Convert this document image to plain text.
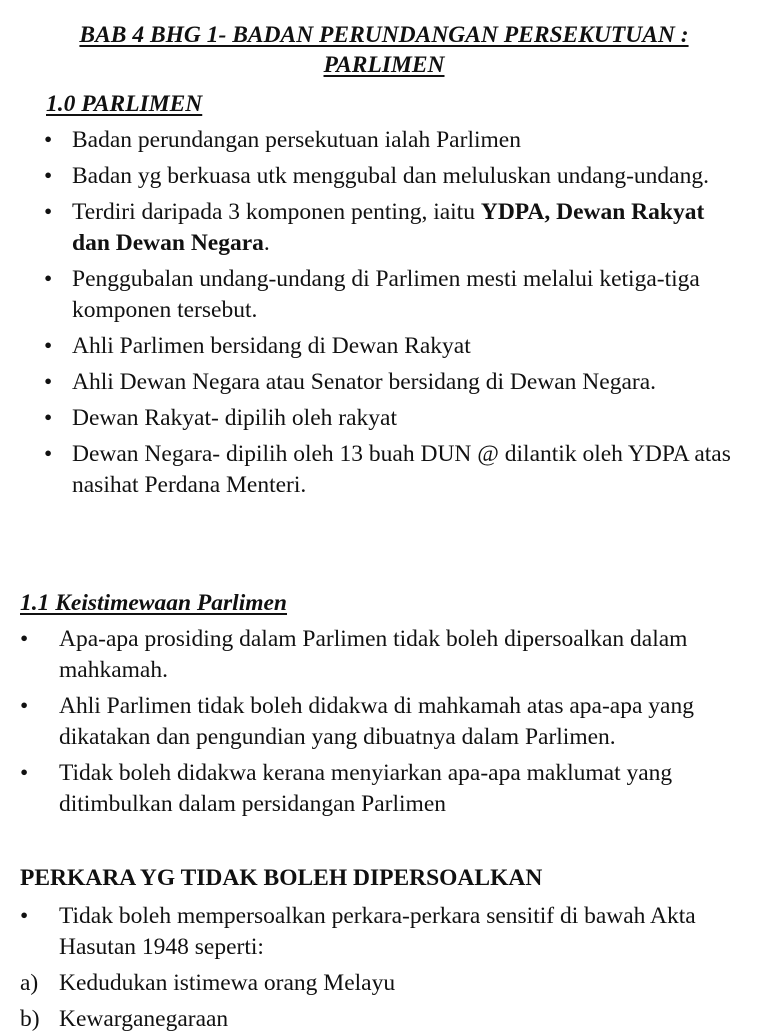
BAB 4 BHG 1- BADAN PERUNDANGAN PERSEKUTUAN : PARLIMEN
1.0 PARLIMEN
• Badan perundangan persekutuan ialah Parlimen
• Badan yg berkuasa utk menggubal dan meluluskan undang-undang.
• Terdiri daripada 3 komponen penting, iaitu YDPA, Dewan Rakyat dan Dewan Negara.
• Penggubalan undang-undang di Parlimen mesti melalui ketiga-tiga komponen tersebut.
• Ahli Parlimen bersidang di Dewan Rakyat
• Ahli Dewan Negara atau Senator bersidang di Dewan Negara.
• Dewan Rakyat- dipilih oleh rakyat
• Dewan Negara- dipilih oleh 13 buah DUN @ dilantik oleh YDPA atas nasihat Perdana Menteri.
1.1 Keistimewaan Parlimen
• Apa-apa prosiding dalam Parlimen tidak boleh dipersoalkan dalam mahkamah.
• Ahli Parlimen tidak boleh didakwa di mahkamah atas apa-apa yang dikatakan dan pengundian yang dibuatnya dalam Parlimen.
• Tidak boleh didakwa kerana menyiarkan apa-apa maklumat yang ditimbulkan dalam persidangan Parlimen
PERKARA YG TIDAK BOLEH DIPERSOALKAN
• Tidak boleh mempersoalkan perkara-perkara sensitif di bawah Akta Hasutan 1948 seperti:
a) Kedudukan istimewa orang Melayu
b) Kewarganegaraan
